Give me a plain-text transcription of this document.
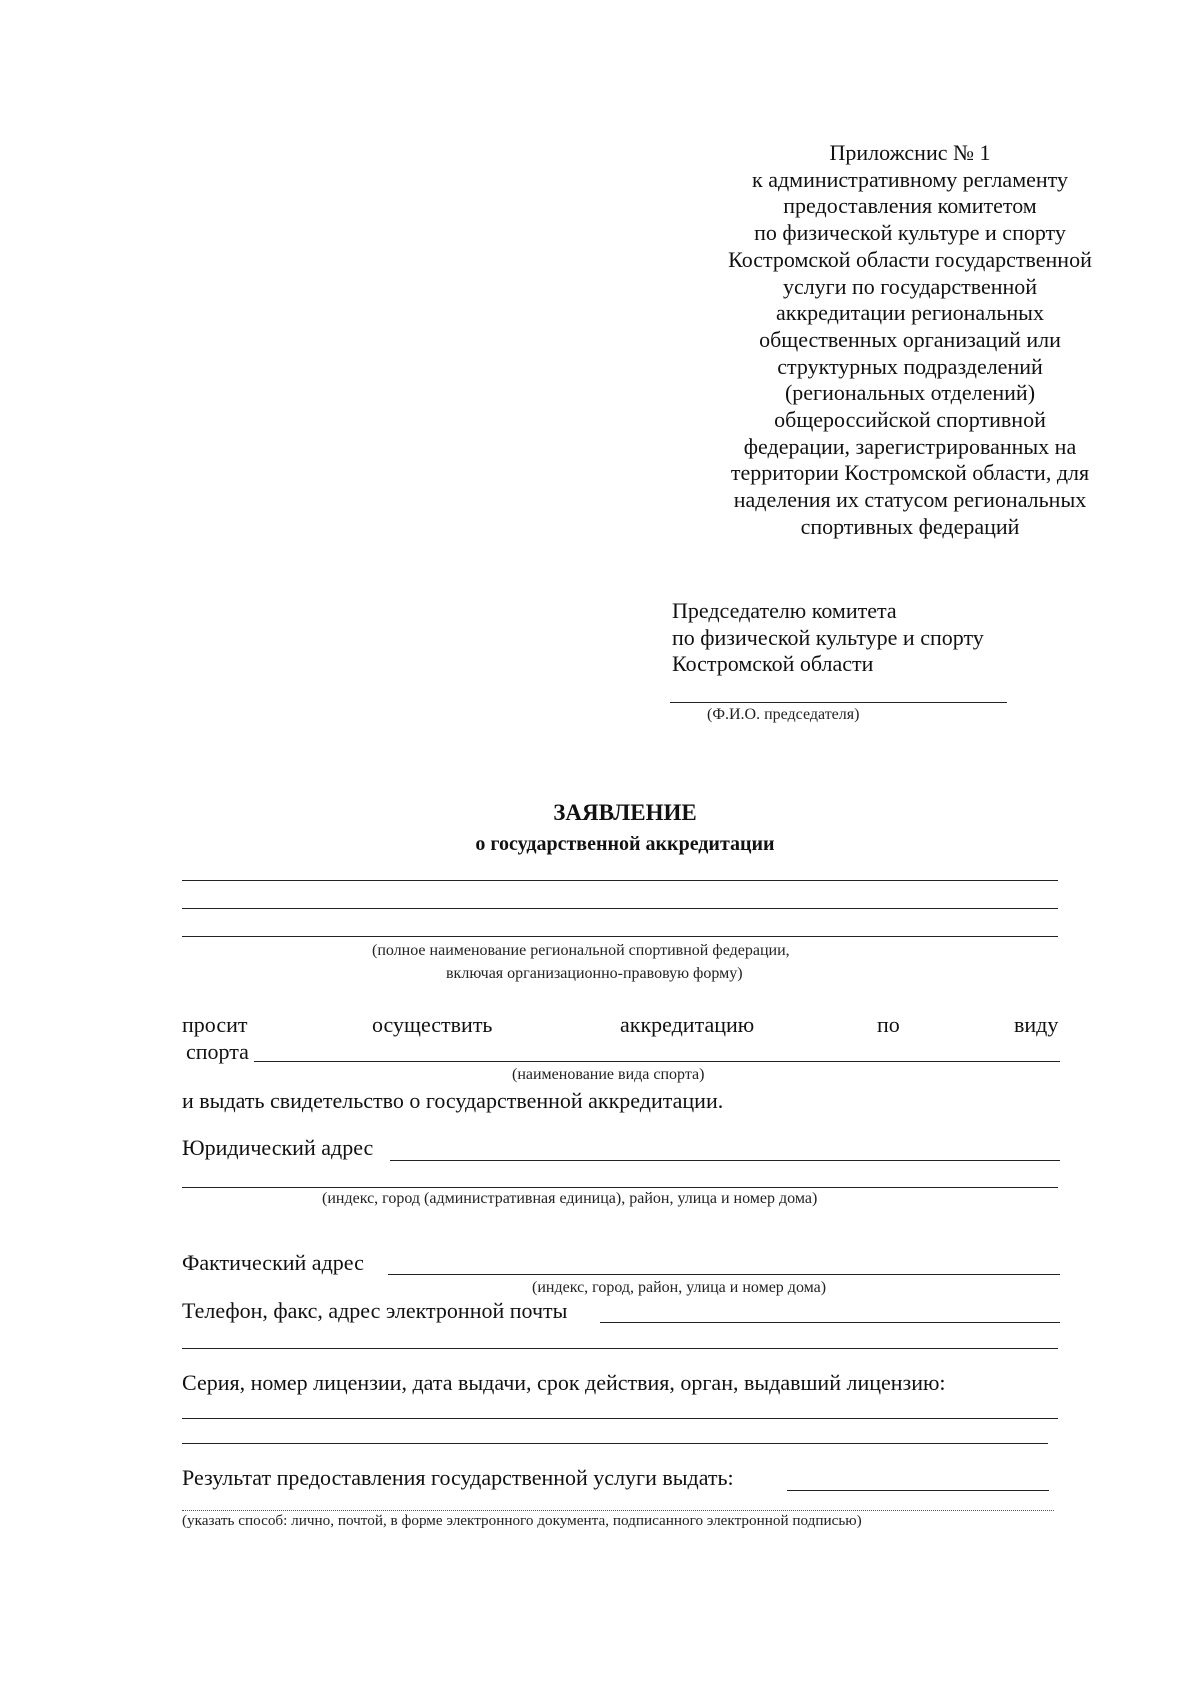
Приложснис № 1
к административному регламенту
предоставления комитетом
по физической культуре и спорту
Костромской области государственной
услуги по государственной
аккредитации региональных
общественных организаций или
структурных подразделений
(региональных отделений)
общероссийской спортивной
федерации, зарегистрированных на
территории Костромской области, для
наделения их статусом региональных
спортивных федераций
Председателю комитета
по физической культуре и спорту
Костромской области
(Ф.И.О. председателя)
ЗАЯВЛЕНИЕ
о государственной аккредитации
(полное наименование региональной спортивной федерации,
включая организационно-правовую форму)
просит	осуществить	аккредитацию	по	виду
спорта
(наименование вида спорта)
и выдать свидетельство о государственной аккредитации.
Юридический адрес
(индекс, город (административная единица), район, улица и номер дома)
Фактический адрес
(индекс, город, район, улица и номер дома)
Телефон, факс, адрес электронной почты
Серия, номер лицензии, дата выдачи, срок действия, орган, выдавший лицензию:
Результат предоставления государственной услуги выдать:
(указать способ: лично, почтой, в форме электронного документа, подписанного электронной подписью)
